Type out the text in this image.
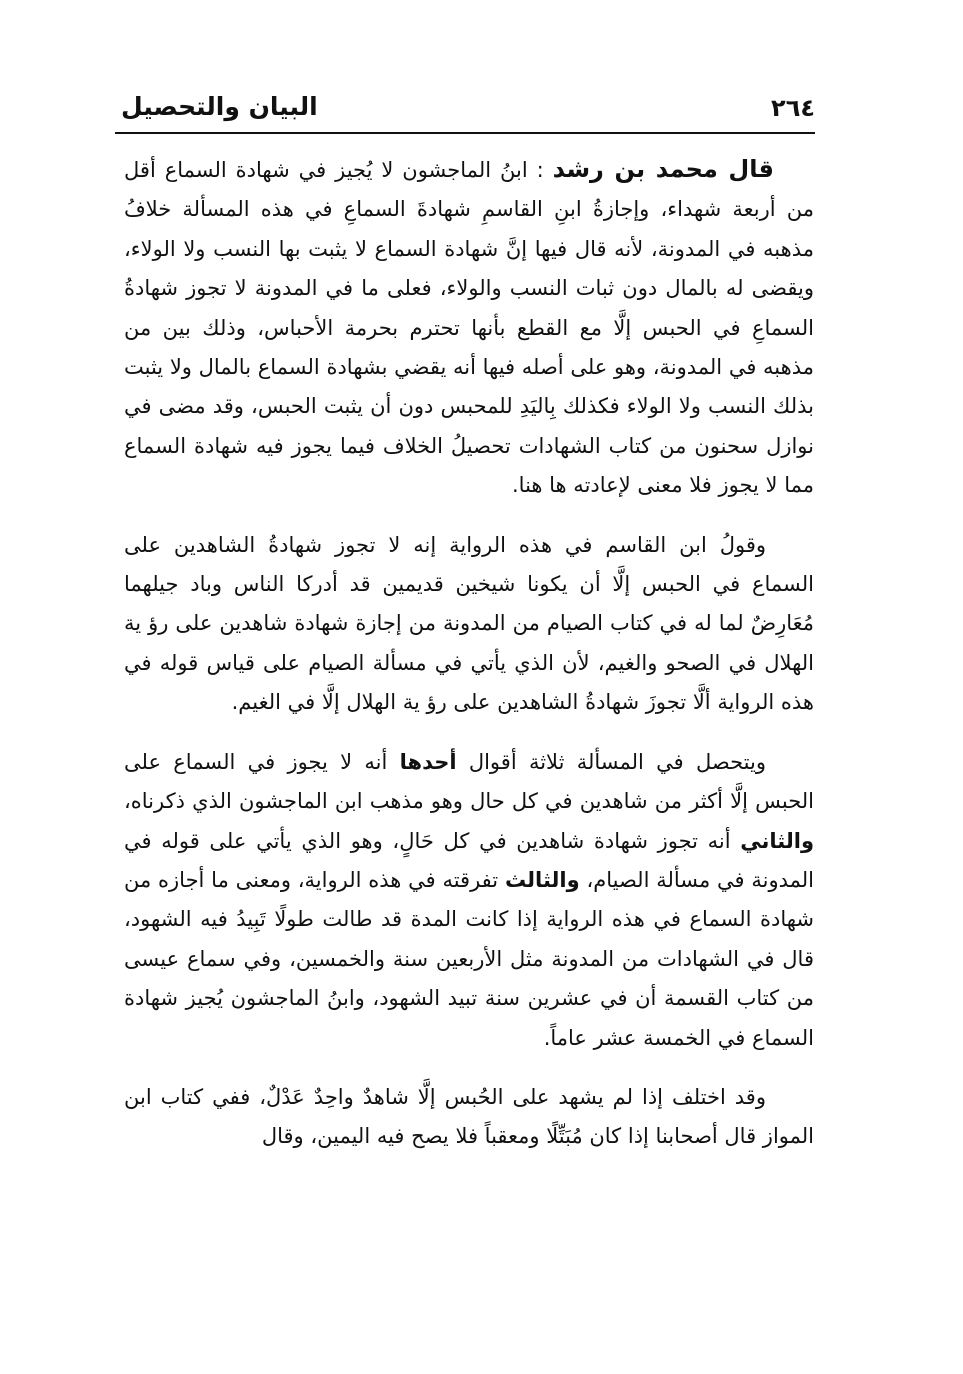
٢٦٤
البيان والتحصيل

قال محمد بن رشد : ابنُ الماجشون لا يُجيز في شهادة السماع أقل من أربعة شهداء، وإجازةُ ابنِ القاسمِ شهادةَ السماعِ في هذه المسألة خلافُ مذهبه في المدونة، لأنه قال فيها إنَّ شهادة السماع لا يثبت بها النسب ولا الولاء، ويقضى له بالمال دون ثبات النسب والولاء، فعلى ما في المدونة لا تجوز شهادةُ السماعِ في الحبس إلَّا مع القطع بأنها تحترم بحرمة الأحباس، وذلك بين من مذهبه في المدونة، وهو على أصله فيها أنه يقضي بشهادة السماع بالمال ولا يثبت بذلك النسب ولا الولاء فكذلك بِاليَدِ للمحبس دون أن يثبت الحبس، وقد مضى في نوازل سحنون من كتاب الشهادات تحصيلُ الخلاف فيما يجوز فيه شهادة السماع مما لا يجوز فلا معنى لإعادته ها هنا.

وقولُ ابن القاسم في هذه الرواية إنه لا تجوز شهادةُ الشاهدين على السماع في الحبس إلَّا أن يكونا شيخين قديمين قد أدركا الناس وباد جيلهما مُعَارِضٌ لما له في كتاب الصيام من المدونة من إجازة شهادة شاهدين على رؤ ية الهلال في الصحو والغيم، لأن الذي يأتي في مسألة الصيام على قياس قوله في هذه الرواية ألَّا تجوزَ شهادةُ الشاهدين على رؤ ية الهلال إلَّا في الغيم.

ويتحصل في المسألة ثلاثة أقوال أحدها أنه لا يجوز في السماع على الحبس إلَّا أكثر من شاهدين في كل حال وهو مذهب ابن الماجشون الذي ذكرناه، والثاني أنه تجوز شهادة شاهدين في كل حَالٍ، وهو الذي يأتي على قوله في المدونة في مسألة الصيام، والثالث تفرقته في هذه الرواية، ومعنى ما أجازه من شهادة السماع في هذه الرواية إذا كانت المدة قد طالت طولًا تَبِيدُ فيه الشهود، قال في الشهادات من المدونة مثل الأربعين سنة والخمسين، وفي سماع عيسى من كتاب القسمة أن في عشرين سنة تبيد الشهود، وابنُ الماجشون يُجيز شهادة السماع في الخمسة عشر عاماً.

وقد اختلف إذا لم يشهد على الحُبس إلَّا شاهدٌ واحِدٌ عَدْلٌ، ففي كتاب ابن المواز قال أصحابنا إذا كان مُبَتِّلًا ومعقباً فلا يصح فيه اليمين، وقال
